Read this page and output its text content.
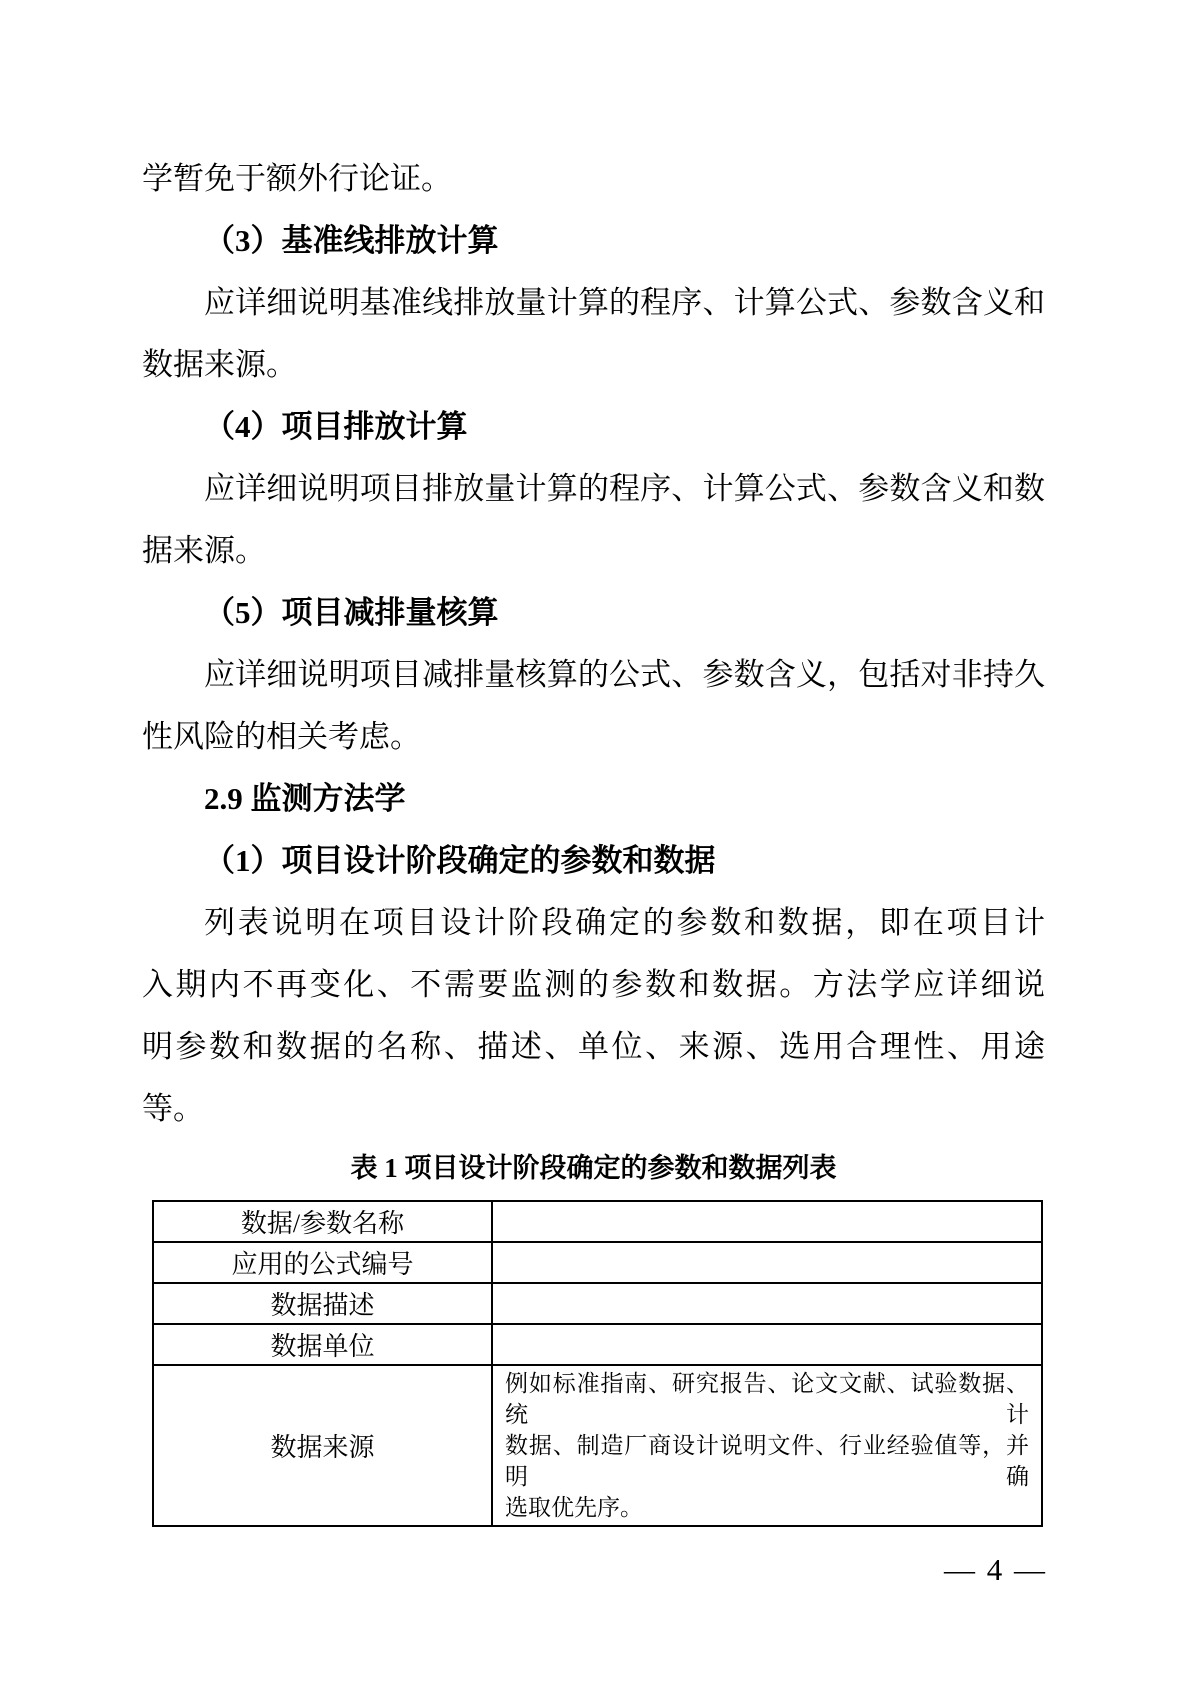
学暂免于额外行论证。
（3）基准线排放计算
应详细说明基准线排放量计算的程序、计算公式、参数含义和
数据来源。
（4）项目排放计算
应详细说明项目排放量计算的程序、计算公式、参数含义和数
据来源。
（5）项目减排量核算
应详细说明项目减排量核算的公式、参数含义，包括对非持久
性风险的相关考虑。
2.9 监测方法学
（1）项目设计阶段确定的参数和数据
列表说明在项目设计阶段确定的参数和数据，即在项目计
入期内不再变化、不需要监测的参数和数据。方法学应详细说
明参数和数据的名称、描述、单位、来源、选用合理性、用途
等。
表 1 项目设计阶段确定的参数和数据列表
数据/参数名称	
应用的公式编号	
数据描述	
数据单位	
数据来源	例如标准指南、研究报告、论文文献、试验数据、统计
数据、制造厂商设计说明文件、行业经验值等，并明确
选取优先序。
— 4 —
